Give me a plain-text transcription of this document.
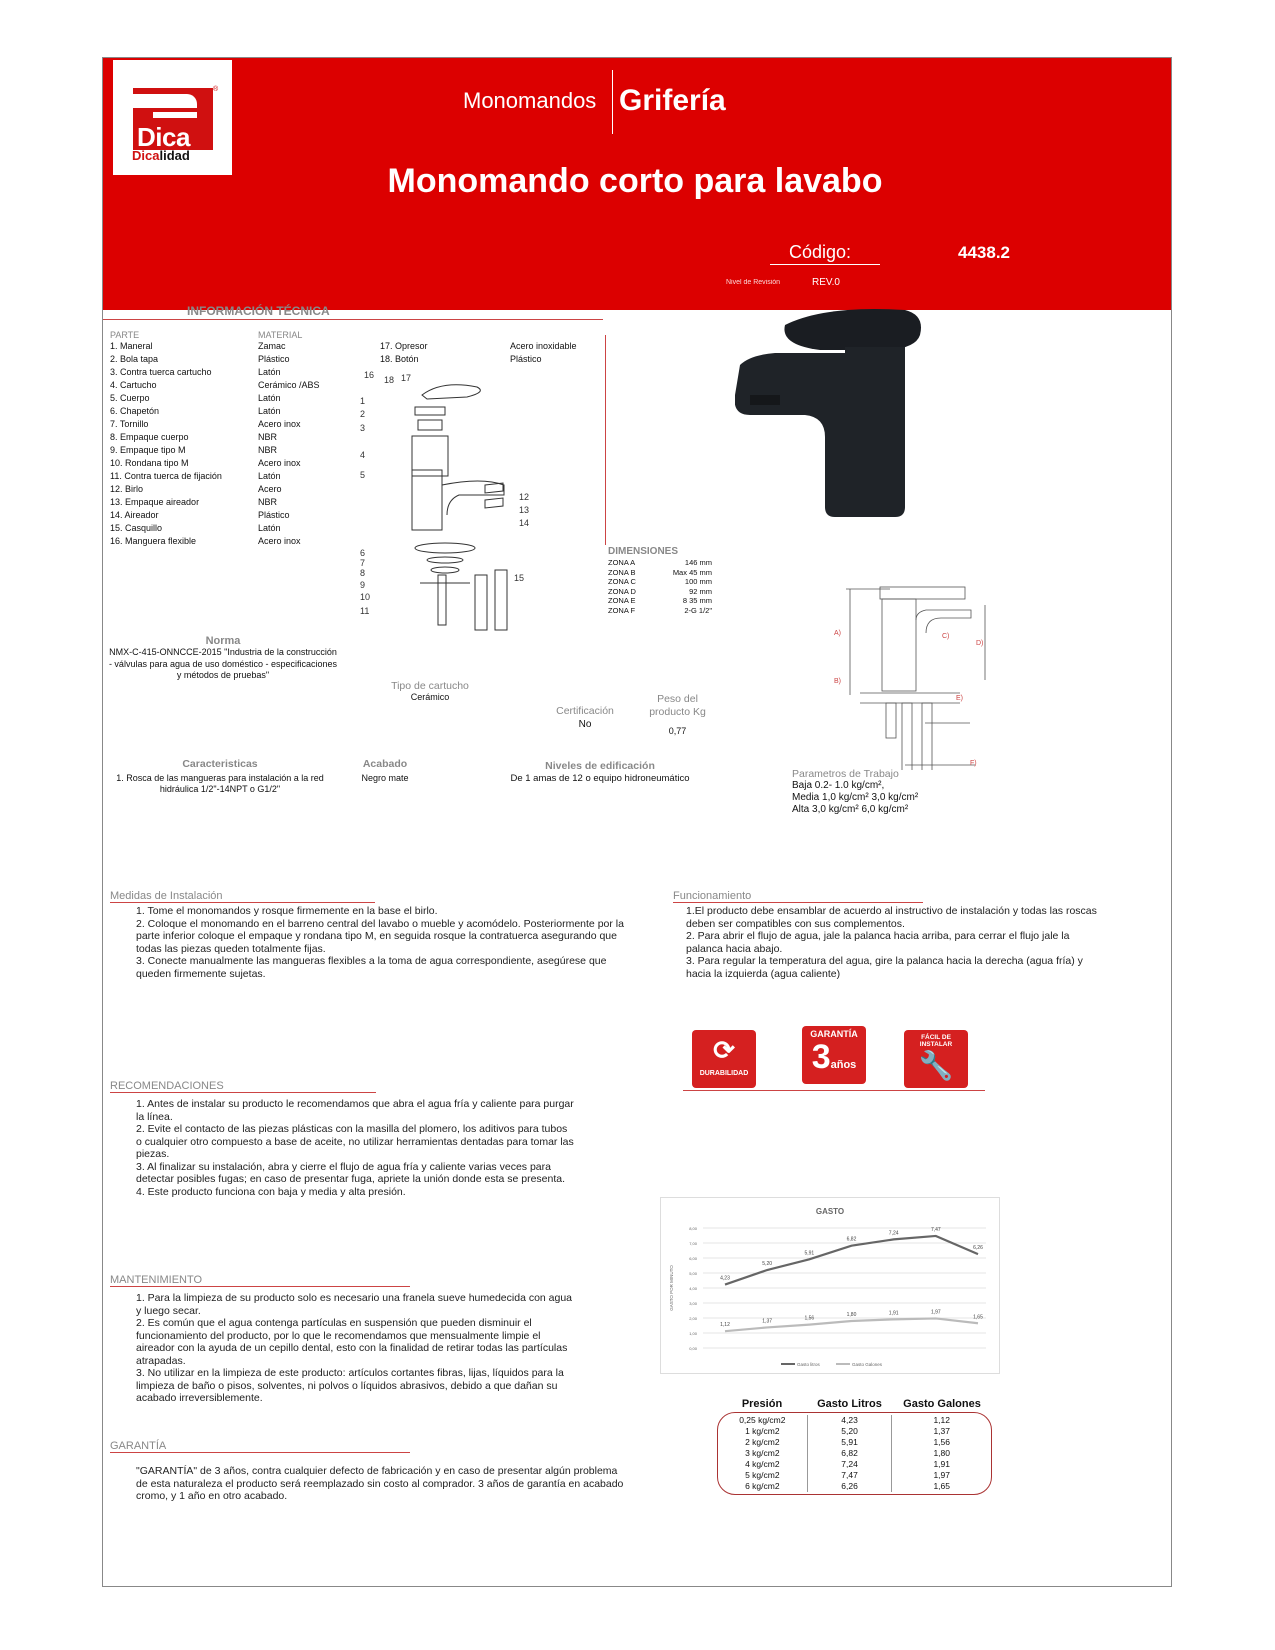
Dica
®
Dicalidad
Monomandos Grifería
Monomando corto para lavabo
Código:	4438.2
Nivel de Revisión	REV.0
INFORMACIÓN TÉCNICA
PARTE	MATERIAL
1. Maneral	Zamac
2. Bola tapa	Plástico
3. Contra tuerca cartucho	Latón
4. Cartucho	Cerámico /ABS
5. Cuerpo	Latón
6. Chapetón	Latón
7. Tornillo	Acero inox
8. Empaque cuerpo	NBR
9. Empaque tipo M	NBR
10. Rondana tipo M	Acero inox
11. Contra tuerca de fijación	Latón
12. Birlo	Acero
13. Empaque aireador	NBR
14. Aireador	Plástico
15. Casquillo	Latón
16. Manguera flexible	Acero inox
17. Opresor	Acero inoxidable
18. Botón	Plástico
18 17
1
2
3
4
5
6
7
8
9
10
11
12
13
14
15
16
DIMENSIONES
ZONA A	146 mm
ZONA B	Max 45 mm
ZONA C	100 mm
ZONA D	92 mm
ZONA E	8 35 mm
ZONA F	2-G 1/2"
A)
B)
C)
D)
E)
F)
Norma
NMX-C-415-ONNCCE-2015 "Industria de la construcción - válvulas para agua de uso doméstico - especificaciones y métodos de pruebas"
Tipo de cartucho
Cerámico
Certificación
No
Peso del producto Kg
0,77
Caracteristicas
1. Rosca de las mangueras para instalación a la red hidráulica 1/2"-14NPT o G1/2"
Acabado
Negro mate
Niveles de edificación
De 1 amas de 12 o equipo hidroneumático	Parametros de Trabajo
Baja 0.2- 1.0 kg/cm²,
Media 1,0 kg/cm² 3,0 kg/cm²
Alta 3,0 kg/cm² 6,0 kg/cm²
Medidas de Instalación
1. Tome el monomandos y rosque firmemente en la base el birlo.
2. Coloque el monomando en el barreno central del lavabo o mueble y acomódelo. Posteriormente por la parte inferior coloque el empaque y rondana tipo M, en seguida rosque la contratuerca asegurando que todas las piezas queden totalmente fijas.
3. Conecte manualmente las mangueras flexibles a la toma de agua correspondiente, asegúrese que queden firmemente sujetas.
Funcionamiento
1.El producto debe ensamblar de acuerdo al instructivo de instalación y todas las roscas deben ser compatibles con sus complementos.
2. Para abrir el flujo de agua, jale la palanca hacia arriba, para cerrar el flujo jale la palanca hacia abajo.
3. Para regular la temperatura del agua, gire la palanca hacia la derecha (agua fría) y hacia la izquierda (agua caliente)
⟳
DURABILIDAD
GARANTÍA
3años
FÁCIL DE INSTALAR
🔧
RECOMENDACIONES
1. Antes de instalar su producto le recomendamos que abra el agua fría y caliente para purgar la línea.
2. Evite el contacto de las piezas plásticas con la masilla del plomero, los aditivos para tubos o cualquier otro compuesto a base de aceite, no utilizar herramientas dentadas para tomar las piezas.
3. Al finalizar su instalación, abra y cierre el flujo de agua fría y caliente varias veces para detectar posibles fugas; en caso de presentar fuga, apriete la unión donde esta se presenta.
4. Este producto funciona con baja y media y alta presión.
MANTENIMIENTO
1. Para la limpieza de su producto solo es necesario una franela sueve humedecida con agua y luego secar.
2. Es común que el agua contenga partículas en suspensión que pueden disminuir el funcionamiento del producto, por lo que le recomendamos que mensualmente limpie el aireador con la ayuda de un cepillo dental, esto con la finalidad de retirar todas las partículas atrapadas.
3. No utilizar en la limpieza de este producto: artículos cortantes fibras, lijas, líquidos para la limpieza de baño o pisos, solventes, ni polvos o líquidos abrasivos, debido a que dañan su acabado irreversiblemente.
GARANTÍA
"GARANTÍA" de 3 años, contra cualquier defecto de fabricación y en caso de presentar algún problema de esta naturaleza el producto será reemplazado sin costo al comprador. 3 años de garantía en acabado cromo, y 1 año en otro acabado.
GASTO
0,00
1,00
2,00
3,00
4,00
5,00
6,00
7,00
8,00
GASTO POR MINUTO	4,23
5,20
5,91
6,82
7,24
7,47
6,26
Gasto litros
1,12
1,37	1,56
1,80	1,91	1,97
1,65
Gasto Galones
Presión	Gasto Litros	Gasto Galones
0,25 kg/cm2	4,23	1,12
1 kg/cm2	5,20	1,37
2 kg/cm2	5,91	1,56
3 kg/cm2	6,82	1,80
4 kg/cm2	7,24	1,91
5 kg/cm2	7,47	1,97
6 kg/cm2	6,26	1,65
